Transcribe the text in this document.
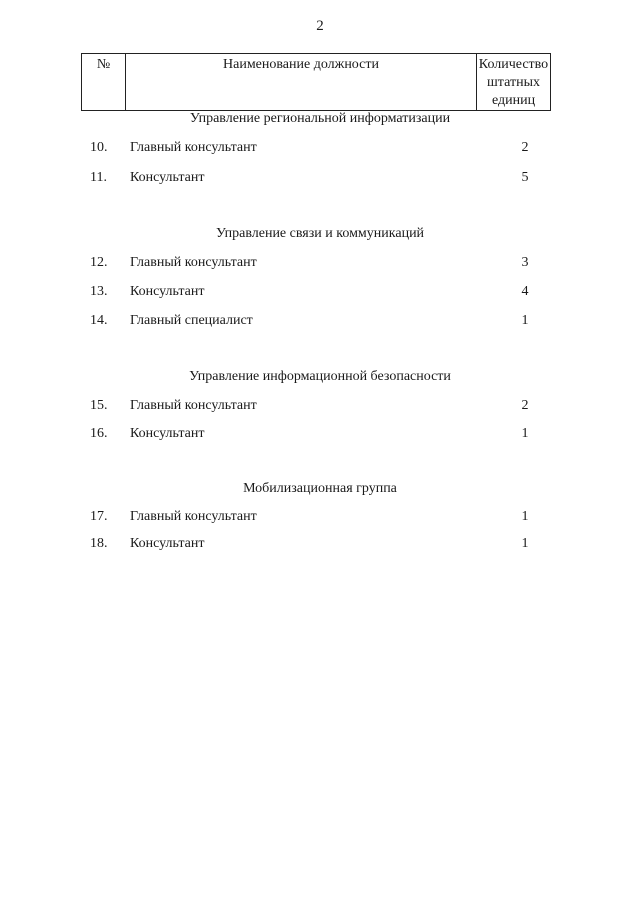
2
№	Наименование должности	Количество
штатных
единиц
Управление региональной информатизации
10. Главный консультант	2
11. Консультант	5
Управление связи и коммуникаций
12. Главный консультант	3
13. Консультант	4
14. Главный специалист	1
Управление информационной безопасности
15. Главный консультант	2
16. Консультант	1
Мобилизационная группа
17. Главный консультант	1
18. Консультант	1
